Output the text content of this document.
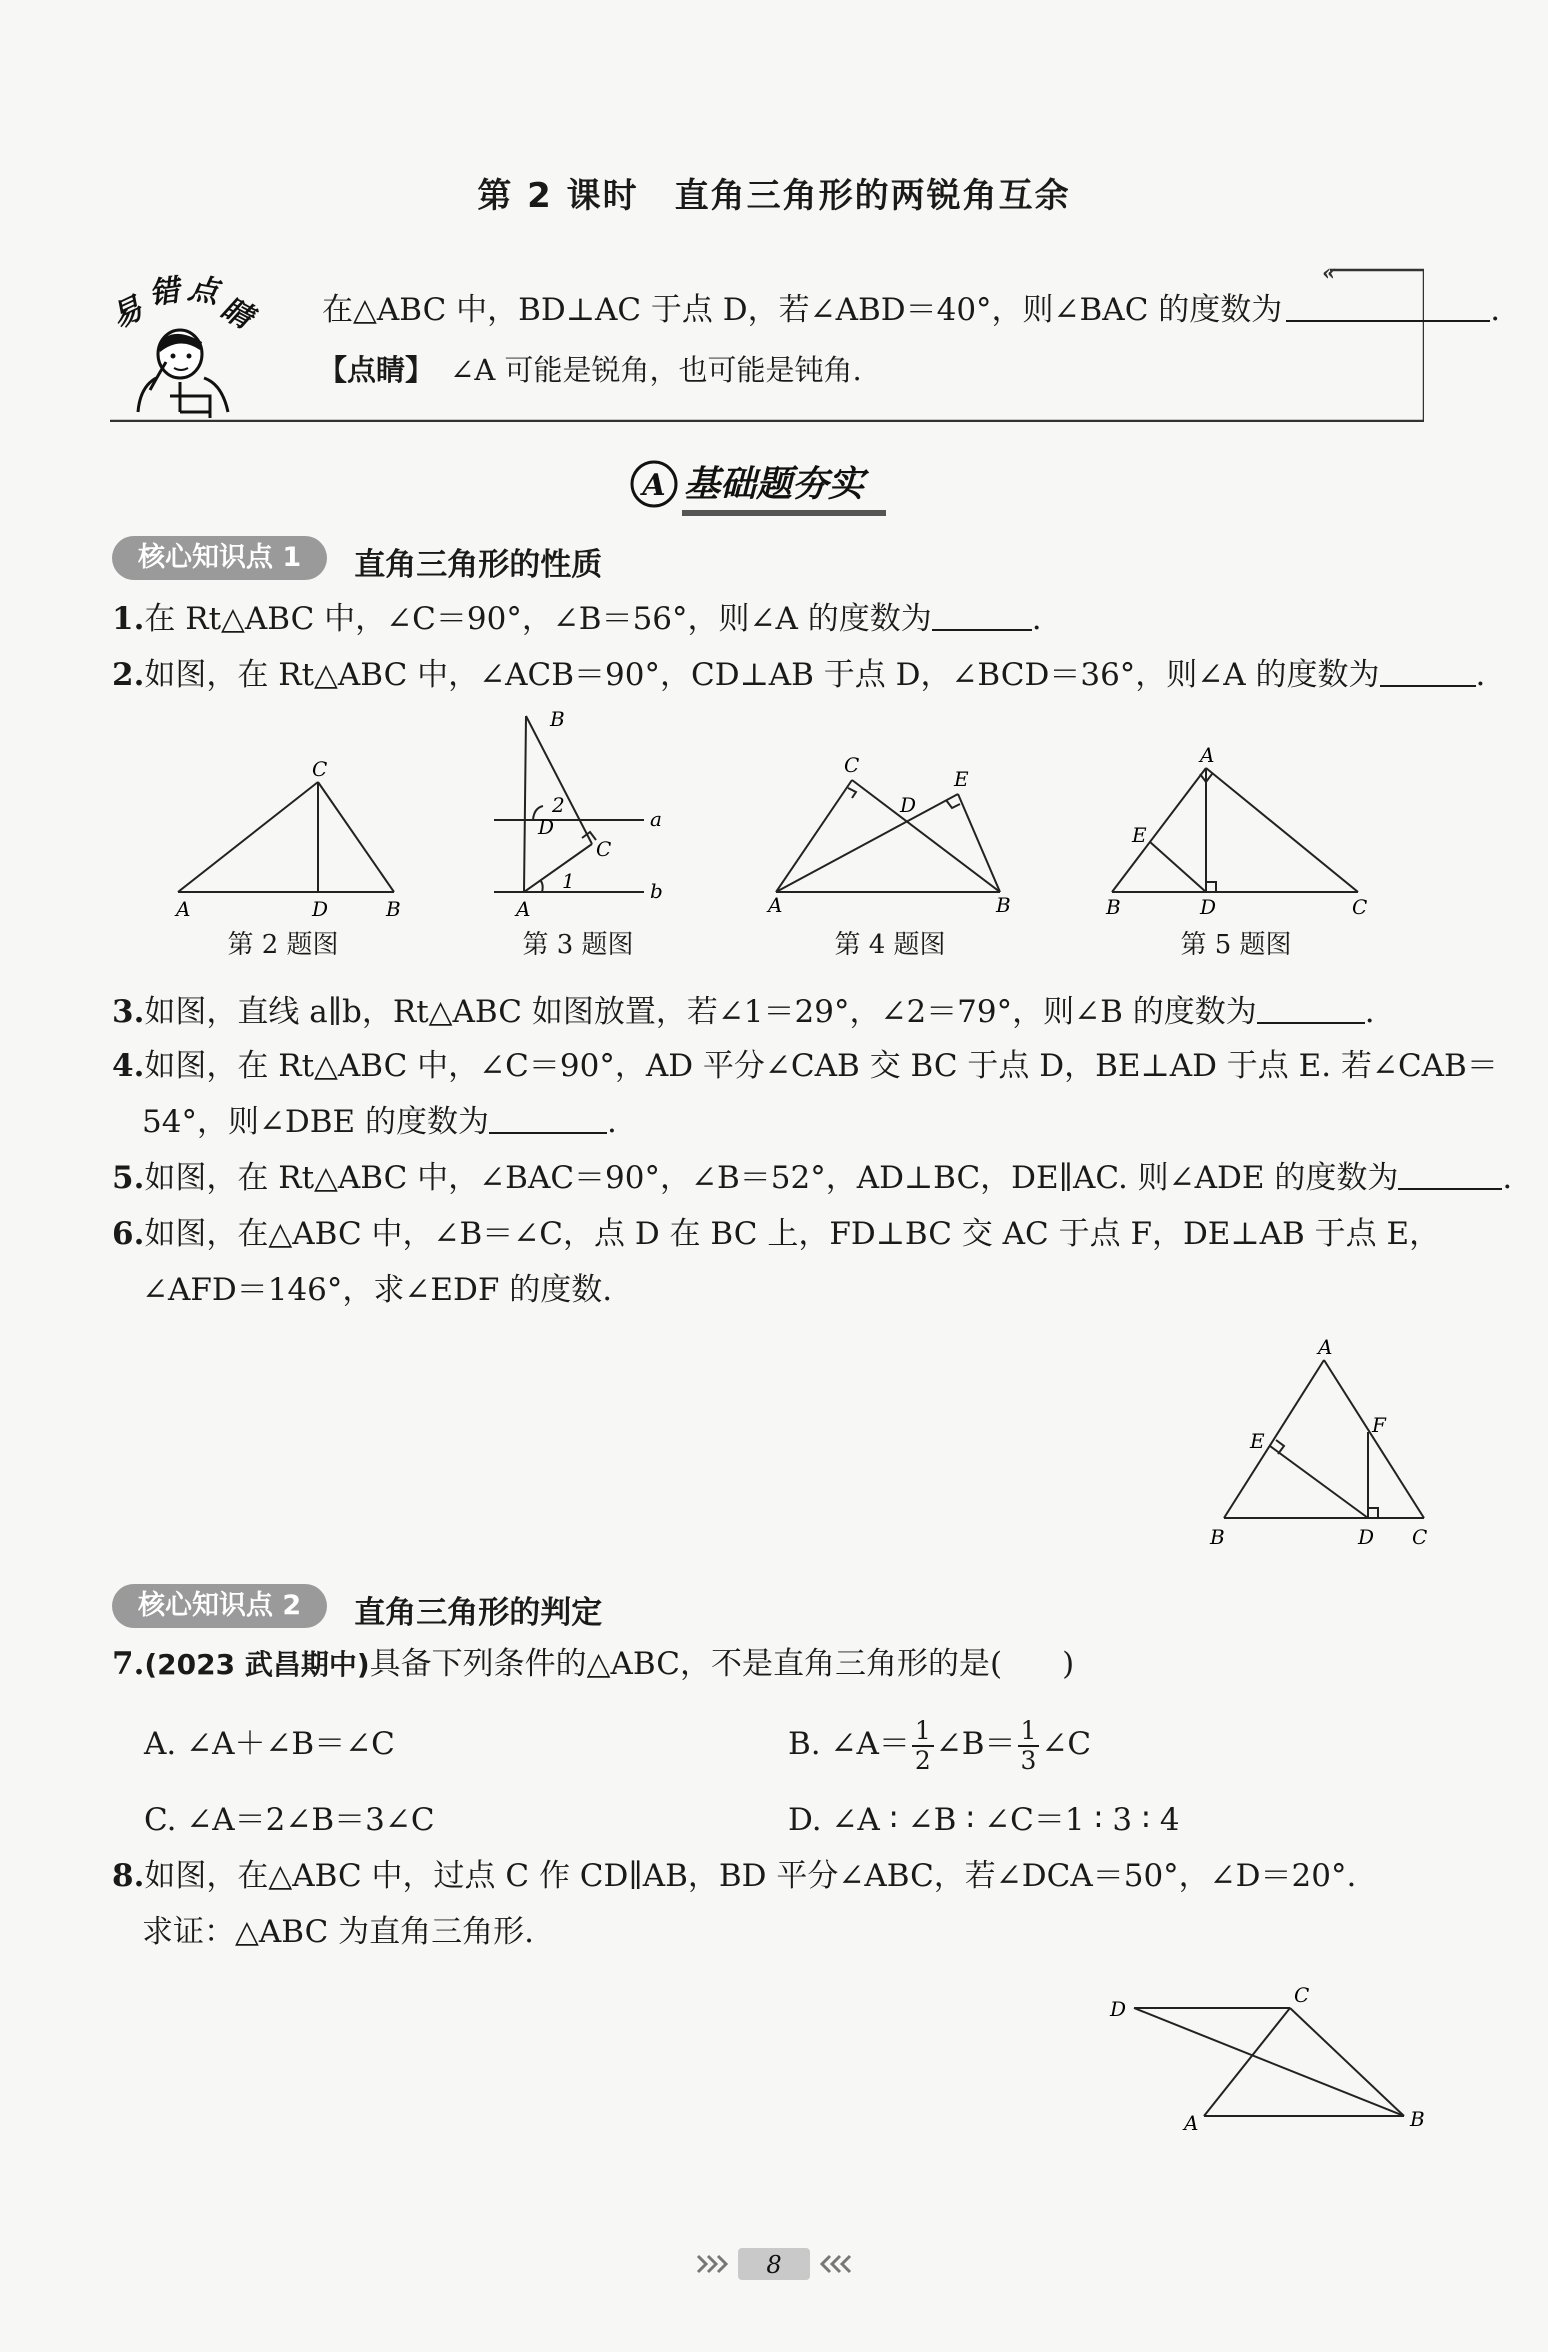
第 2 课时 直角三角形的两锐角互余
«
易
错 点
睛 在△ABC 中，BD⊥AC 于点 D，若∠ABD＝40°，则∠BAC 的度数为	.
【点睛】 ∠A 可能是锐角，也可能是钝角.
A 基础题夯实
核心知识点 1 直角三角形的性质
1.在 Rt△ABC 中，∠C＝90°，∠B＝56°，则∠A 的度数为	.
2.如图，在 Rt△ABC 中，∠ACB＝90°，CD⊥AB 于点 D，∠BCD＝36°，则∠A 的度数为	.
A	D	B
C
第 2 题图
B
2
D	a
C
1	b
A
第 3 题图
A	B
C
D
E
第 4 题图
A
E
B	D	C
第 5 题图
3.如图，直线 a∥b，Rt△ABC 如图放置，若∠1＝29°，∠2＝79°，则∠B 的度数为	.
4.如图，在 Rt△ABC 中，∠C＝90°，AD 平分∠CAB 交 BC 于点 D，BE⊥AD 于点 E. 若∠CAB＝
54°，则∠DBE 的度数为	.
5.如图，在 Rt△ABC 中，∠BAC＝90°，∠B＝52°，AD⊥BC，DE∥AC. 则∠ADE 的度数为	.
6.如图，在△ABC 中，∠B＝∠C，点 D 在 BC 上，FD⊥BC 交 AC 于点 F，DE⊥AB 于点 E，
∠AFD＝146°，求∠EDF 的度数.
A
E
F
B	D C
核心知识点 2 直角三角形的判定
7.(2023 武昌期中)具备下列条件的△ABC，不是直角三角形的是( )
A. ∠A＋∠B＝∠C	B. ∠A＝ $\frac{1}{2}$ ∠B＝ $\frac{1}{3}$ ∠C
C. ∠A＝2∠B＝3∠C	D. ∠A ∶ ∠B ∶ ∠C＝1 ∶ 3 ∶ 4
8.如图，在△ABC 中，过点 C 作 CD∥AB，BD 平分∠ABC，若∠DCA＝50°，∠D＝20°.
求证：△ABC 为直角三角形.
D
C
A	B
8
